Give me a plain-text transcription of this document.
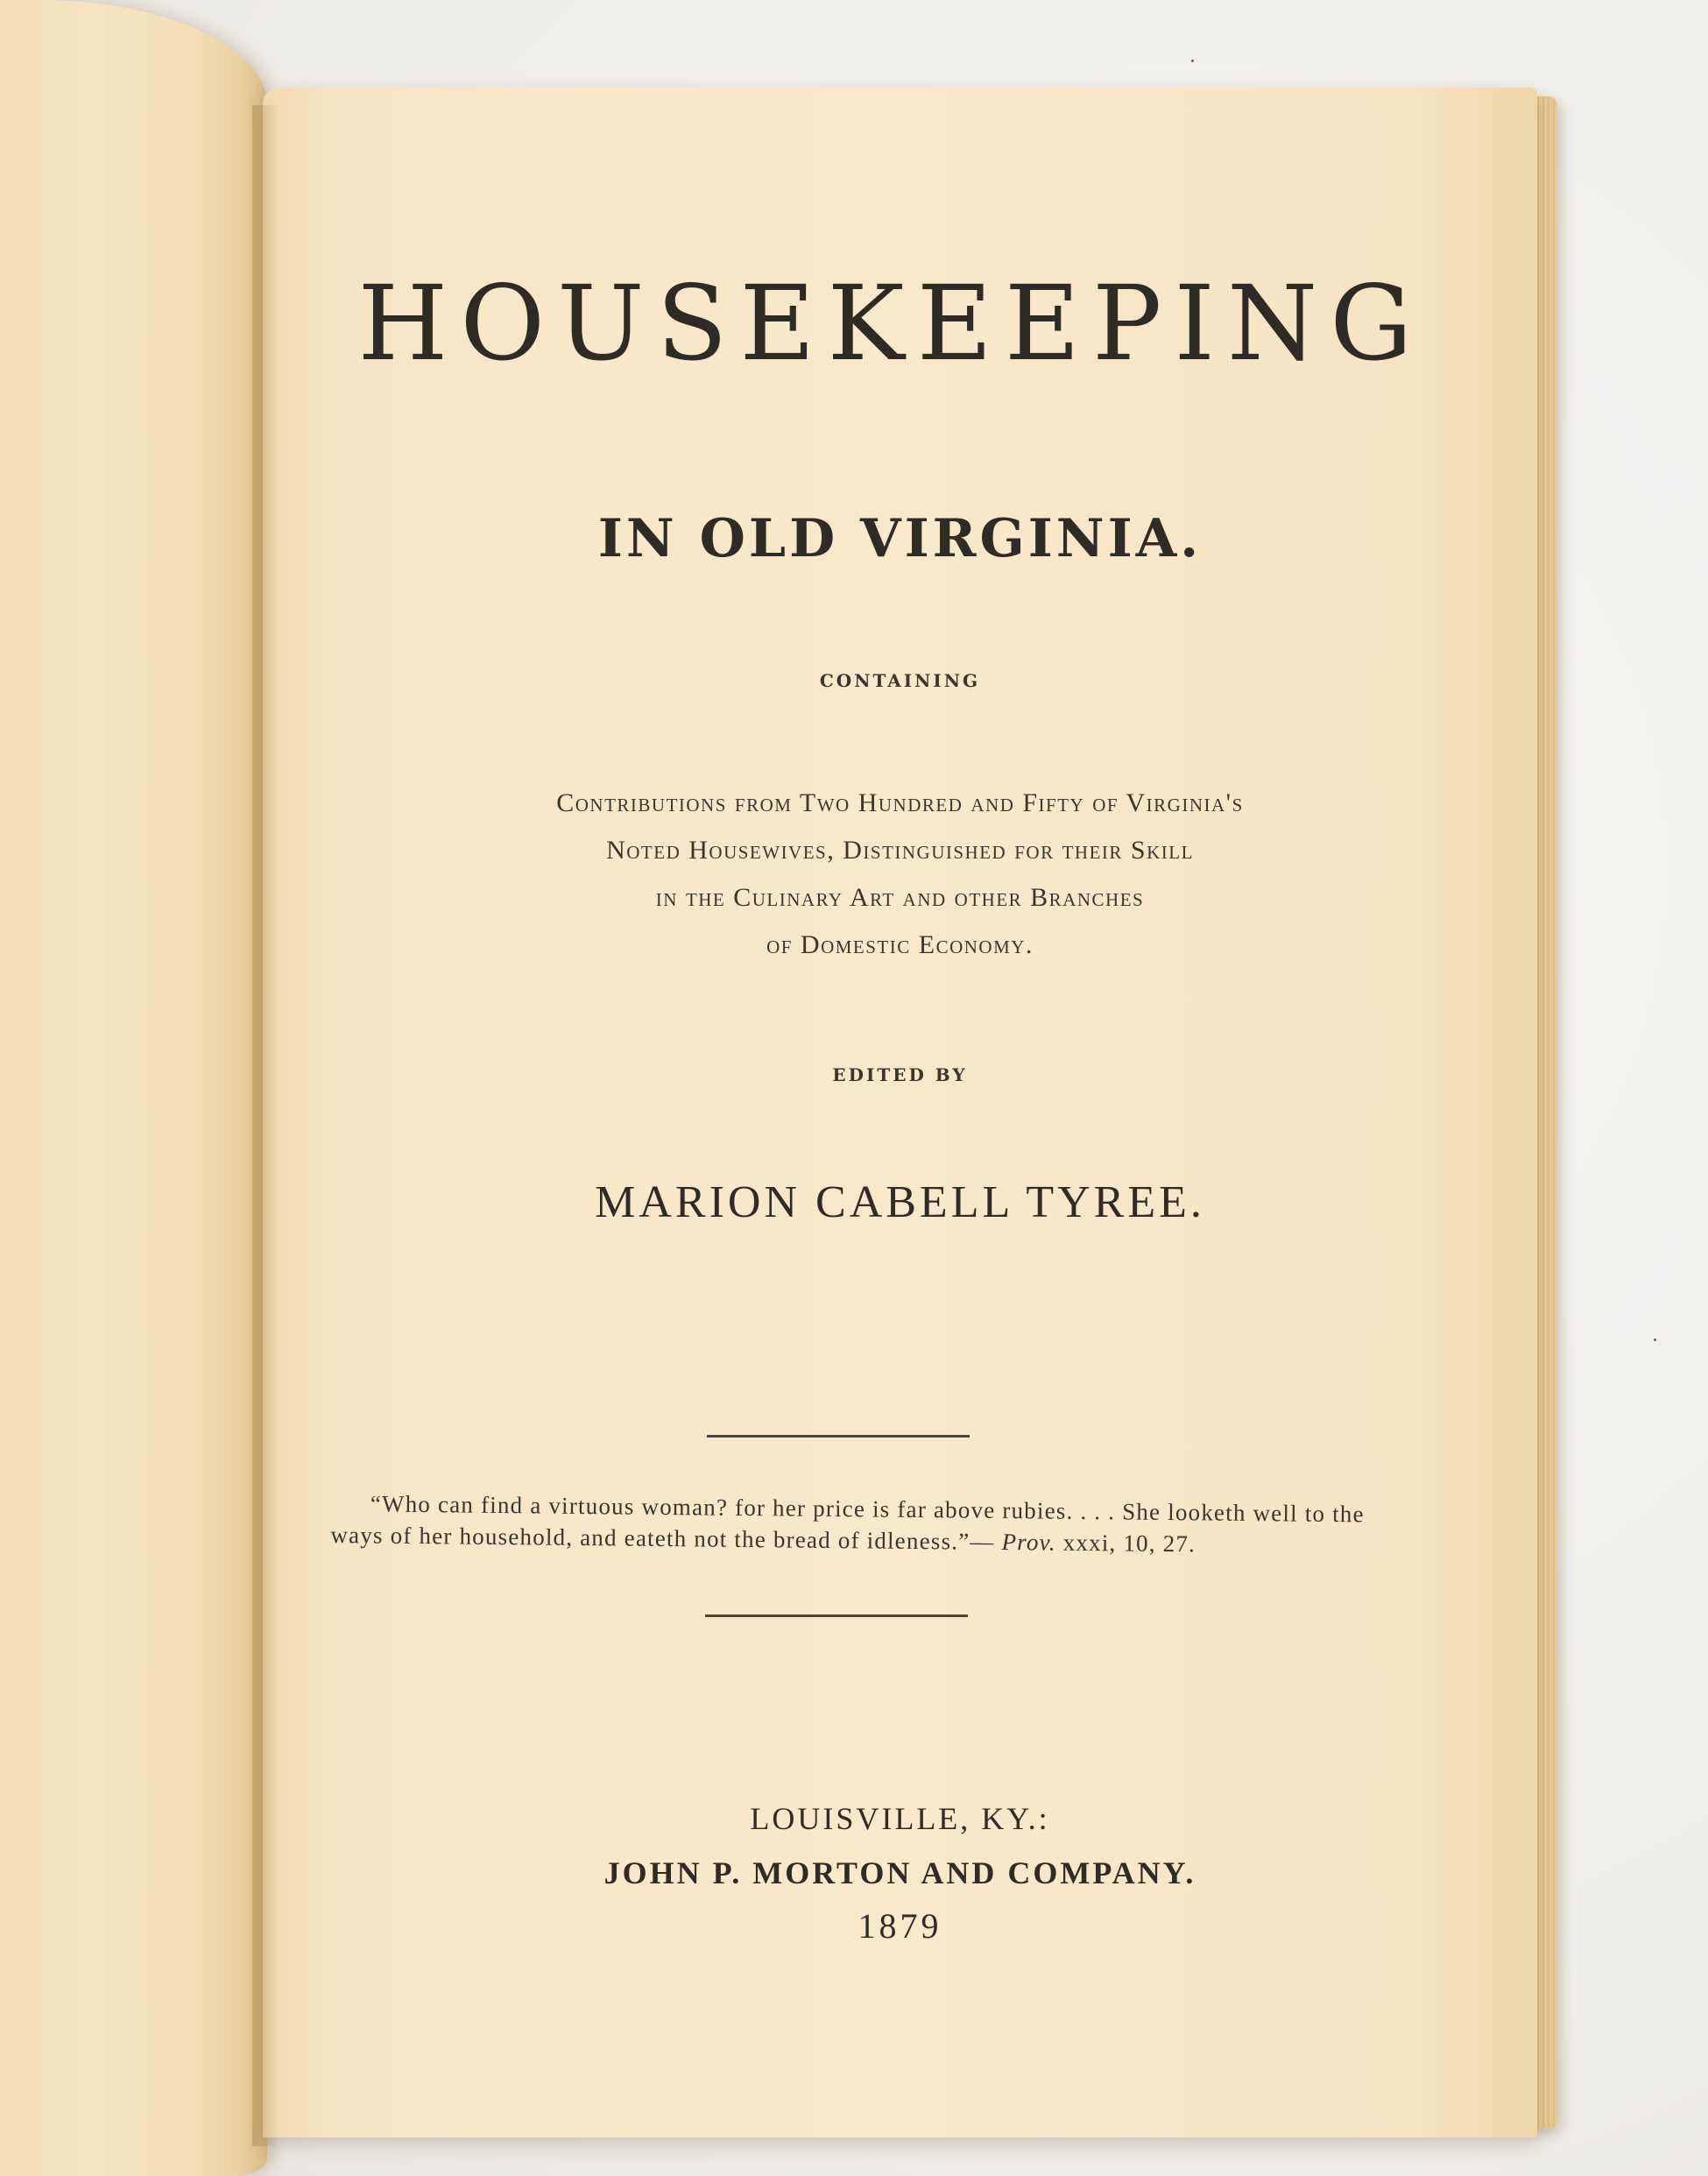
HOUSEKEEPING
IN OLD VIRGINIA.
CONTAINING
Contributions from Two Hundred and Fifty of Virginia's
Noted Housewives, Distinguished for their Skill
in the Culinary Art and other Branches
of Domestic Economy.
EDITED BY
MARION CABELL TYREE.
“Who can find a virtuous woman? for her price is far above rubies. . . . She looketh well to the ways of her household, and eateth not the bread of idleness.”— Prov. xxxi, 10, 27.
LOUISVILLE, KY.:
JOHN P. MORTON AND COMPANY.
1879
